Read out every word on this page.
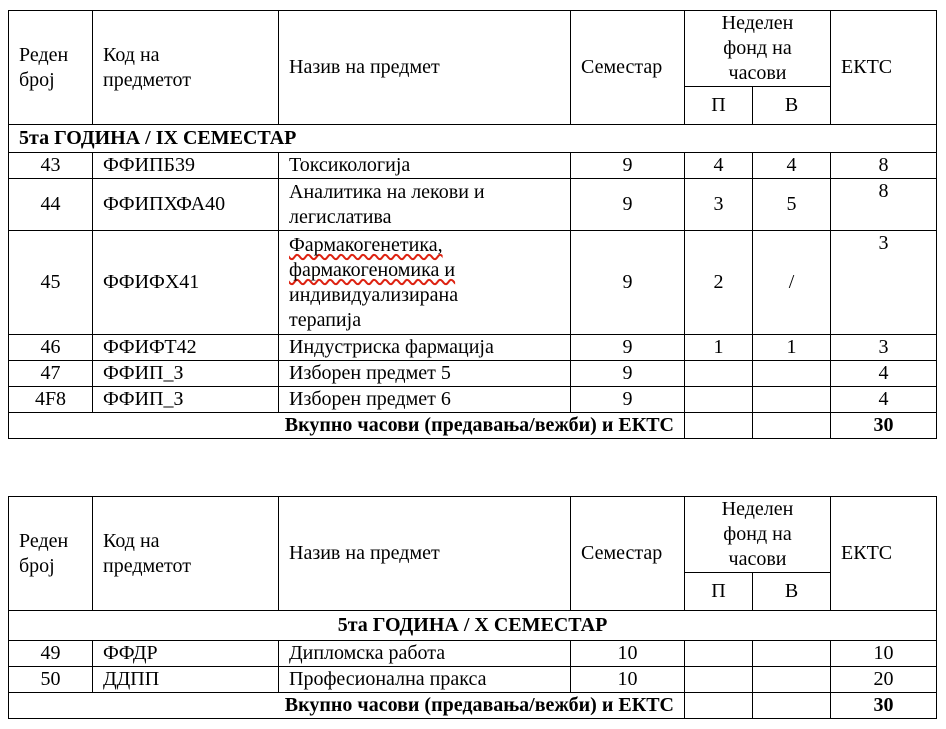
Реден
број	Код на
предметот	Назив на предмет	Семестар	Неделен
фонд на
часови		ЕКТС
				П	В	
5та ГОДИНА / IX СЕМЕСТАР						
43	ФФИПБ39	Токсикологија	9	4	4	8
44	ФФИПХФА40	Аналитика на лекови и
легислатива	9	3	5	8
45	ФФИФХ41	Фармакогенетика,
фармакогеномика и
индивидуализирана
терапија	9	2	/	3
46	ФФИФТ42	Индустриска фармација	9	1	1	3
47	ФФИП_З	Изборен предмет 5	9			4
4F8	ФФИП_З	Изборен предмет 6	9			4
Вкупно часови (предавања/вежби) и ЕКТС						30
Реден
број	Код на
предметот	Назив на предмет	Семестар	Неделен
фонд на
часови		ЕКТС
				П	В	
5та ГОДИНА / X СЕМЕСТАР						
49	ФФДР	Дипломска работа	10			10
50	ДДПП	Професионална пракса	10			20
Вкупно часови (предавања/вежби) и ЕКТС						30
